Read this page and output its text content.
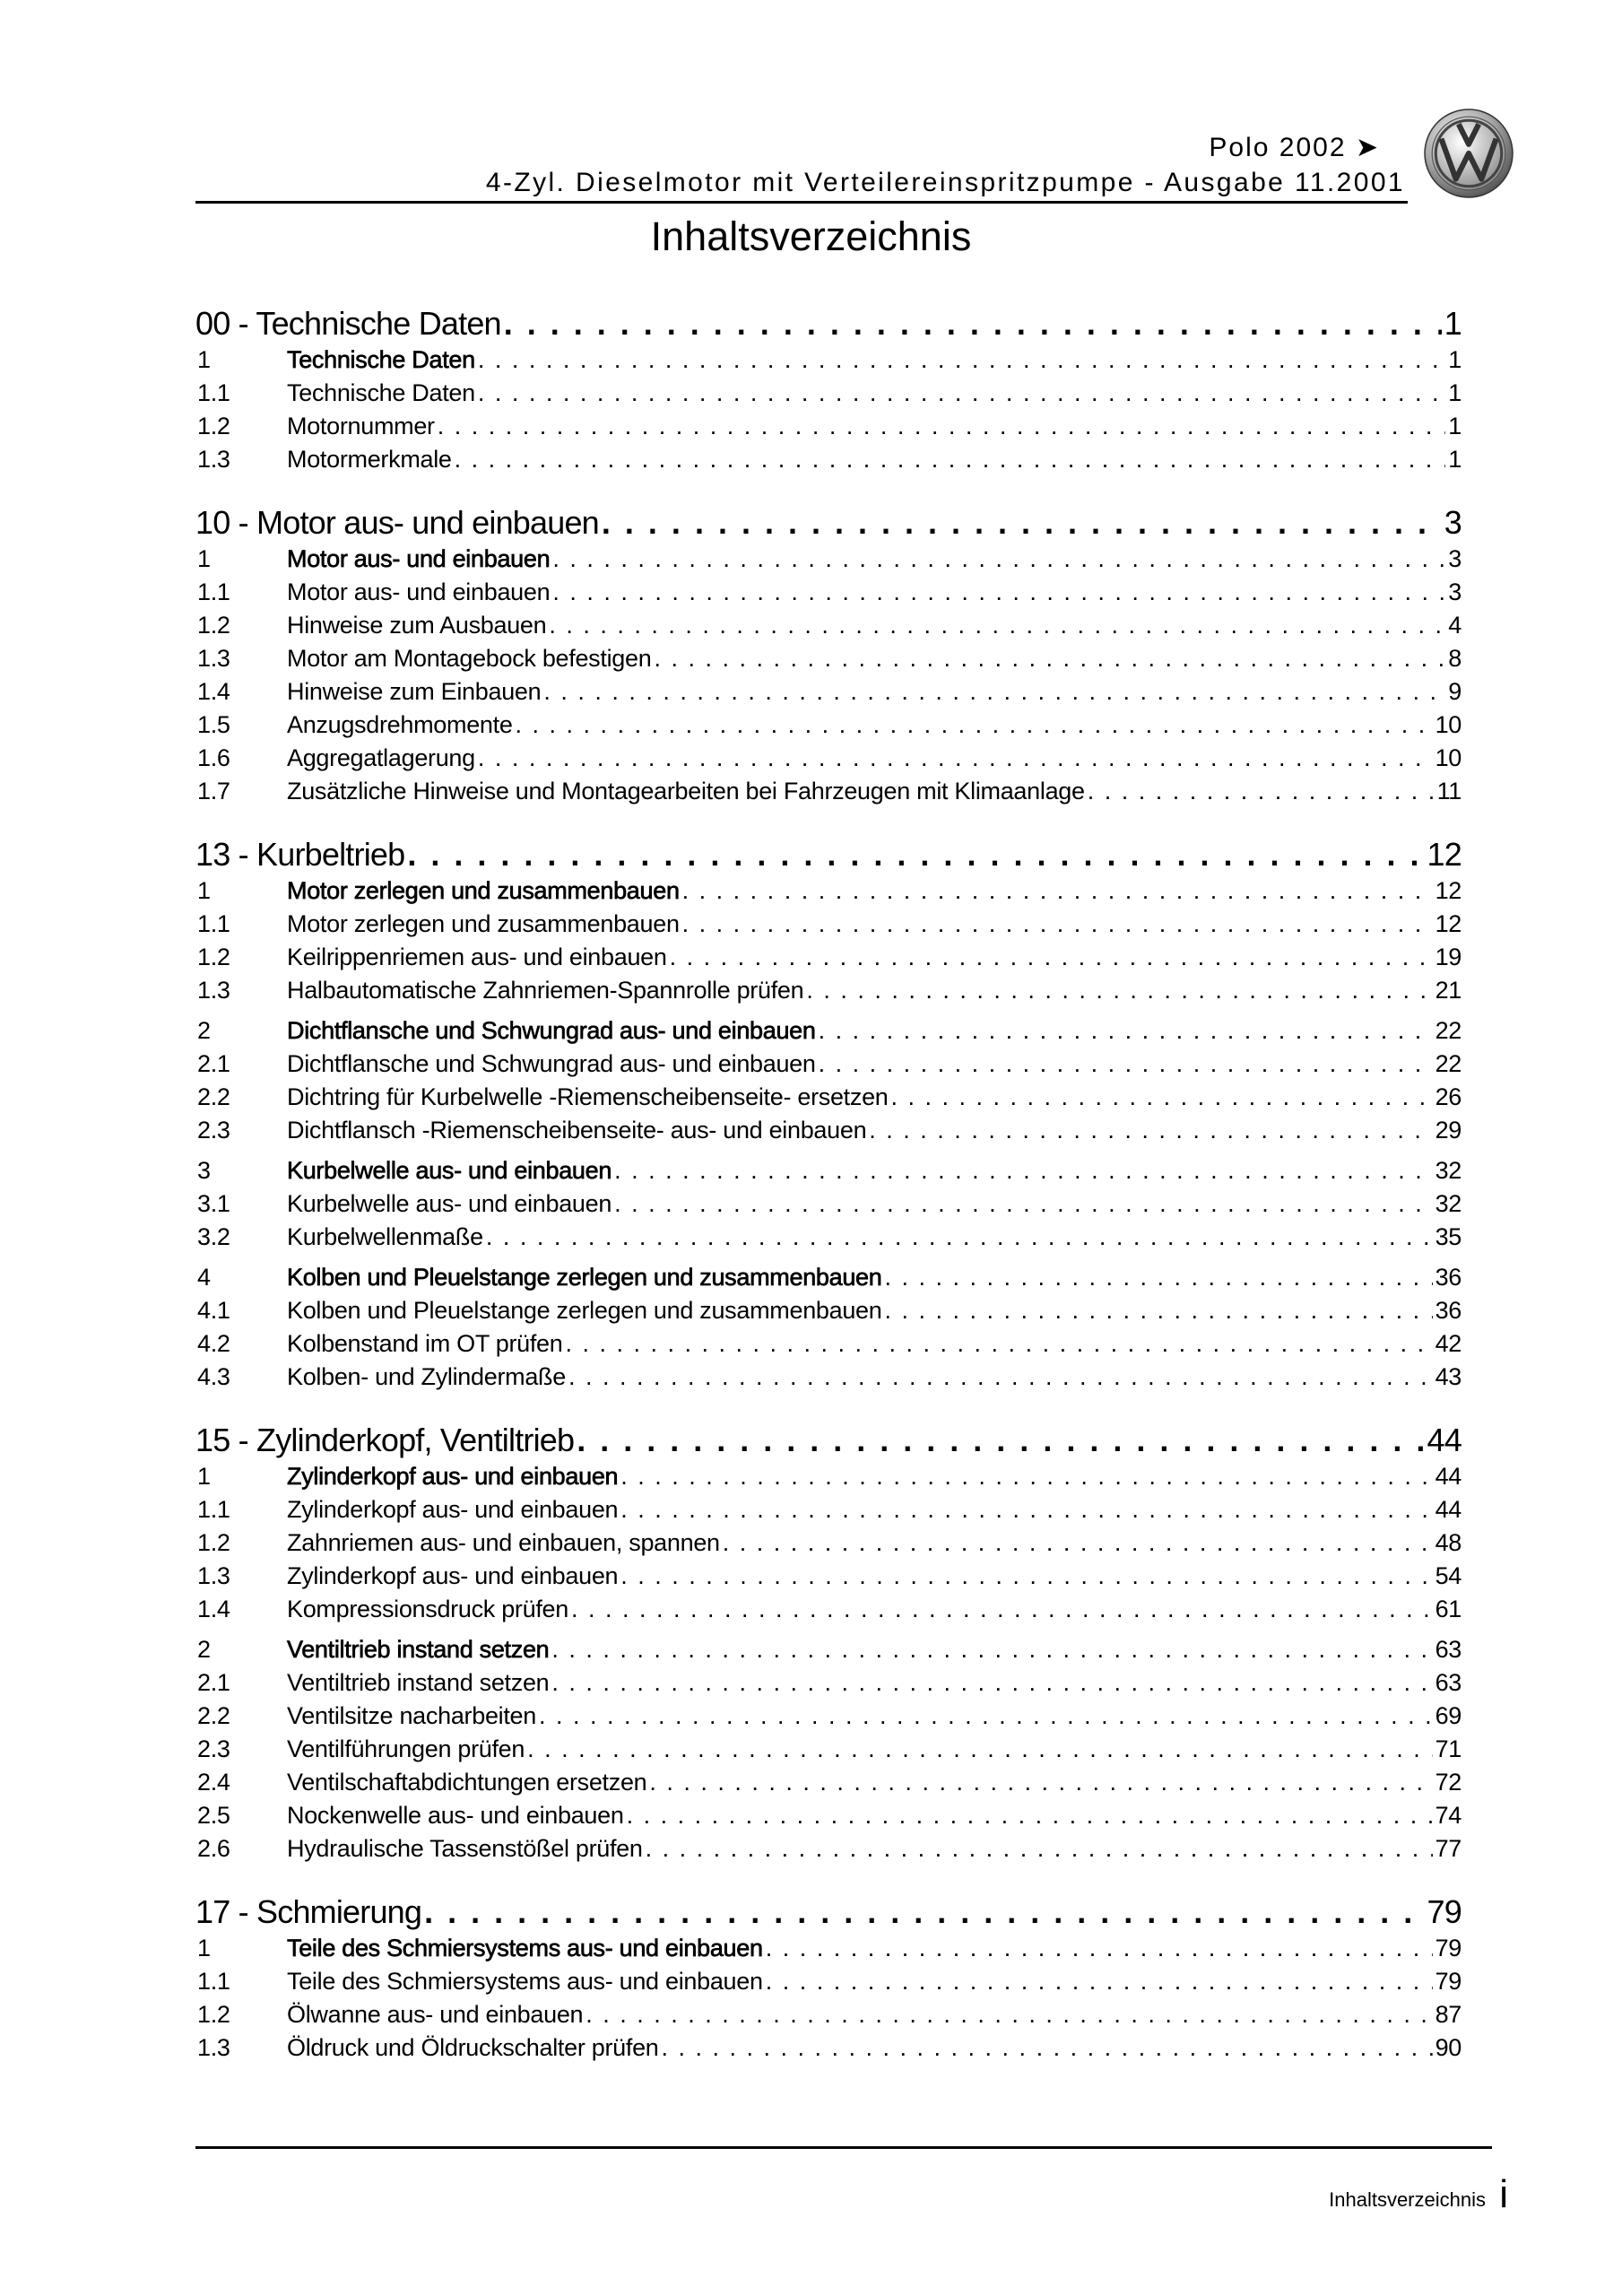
Polo 2002 ➤
4-Zyl. Dieselmotor mit Verteilereinspritzpumpe - Ausgabe 11.2001
Inhaltsverzeichnis
00 - Technische Daten . . .	1
1	Technische Daten . . .	1
1.1	Technische Daten . . .	1
1.2	Motornummer . . .	1
1.3	Motormerkmale . . .	1
10 - Motor aus- und einbauen . . .	3
1	Motor aus- und einbauen . . .	3
1.1	Motor aus- und einbauen . . .	3
1.2	Hinweise zum Ausbauen . . .	4
1.3	Motor am Montagebock befestigen . . .	8
1.4	Hinweise zum Einbauen . . .	9
1.5	Anzugsdrehmomente . . .	10
1.6	Aggregatlagerung . . .	10
1.7	Zusätzliche Hinweise und Montagearbeiten bei Fahrzeugen mit Klimaanlage . . .	11
13 - Kurbeltrieb . . .	12
1	Motor zerlegen und zusammenbauen . . .	12
1.1	Motor zerlegen und zusammenbauen . . .	12
1.2	Keilrippenriemen aus- und einbauen . . .	19
1.3	Halbautomatische Zahnriemen-Spannrolle prüfen . . .	21
2	Dichtflansche und Schwungrad aus- und einbauen . . .	22
2.1	Dichtflansche und Schwungrad aus- und einbauen . . .	22
2.2	Dichtring für Kurbelwelle -Riemenscheibenseite- ersetzen . . .	26
2.3	Dichtflansch -Riemenscheibenseite- aus- und einbauen . . .	29
3	Kurbelwelle aus- und einbauen . . .	32
3.1	Kurbelwelle aus- und einbauen . . .	32
3.2	Kurbelwellenmaße . . .	35
4	Kolben und Pleuelstange zerlegen und zusammenbauen . . .	36
4.1	Kolben und Pleuelstange zerlegen und zusammenbauen . . .	36
4.2	Kolbenstand im OT prüfen . . .	42
4.3	Kolben- und Zylindermaße . . .	43
15 - Zylinderkopf, Ventiltrieb . . .	44
1	Zylinderkopf aus- und einbauen . . .	44
1.1	Zylinderkopf aus- und einbauen . . .	44
1.2	Zahnriemen aus- und einbauen, spannen . . .	48
1.3	Zylinderkopf aus- und einbauen . . .	54
1.4	Kompressionsdruck prüfen . . .	61
2	Ventiltrieb instand setzen . . .	63
2.1	Ventiltrieb instand setzen . . .	63
2.2	Ventilsitze nacharbeiten . . .	69
2.3	Ventilführungen prüfen . . .	71
2.4	Ventilschaftabdichtungen ersetzen . . .	72
2.5	Nockenwelle aus- und einbauen . . .	74
2.6	Hydraulische Tassenstößel prüfen . . .	77
17 - Schmierung . . .	79
1	Teile des Schmiersystems aus- und einbauen . . .	79
1.1	Teile des Schmiersystems aus- und einbauen . . .	79
1.2	Ölwanne aus- und einbauen . . .	87
1.3	Öldruck und Öldruckschalter prüfen . . .	90
Inhaltsverzeichnis i
